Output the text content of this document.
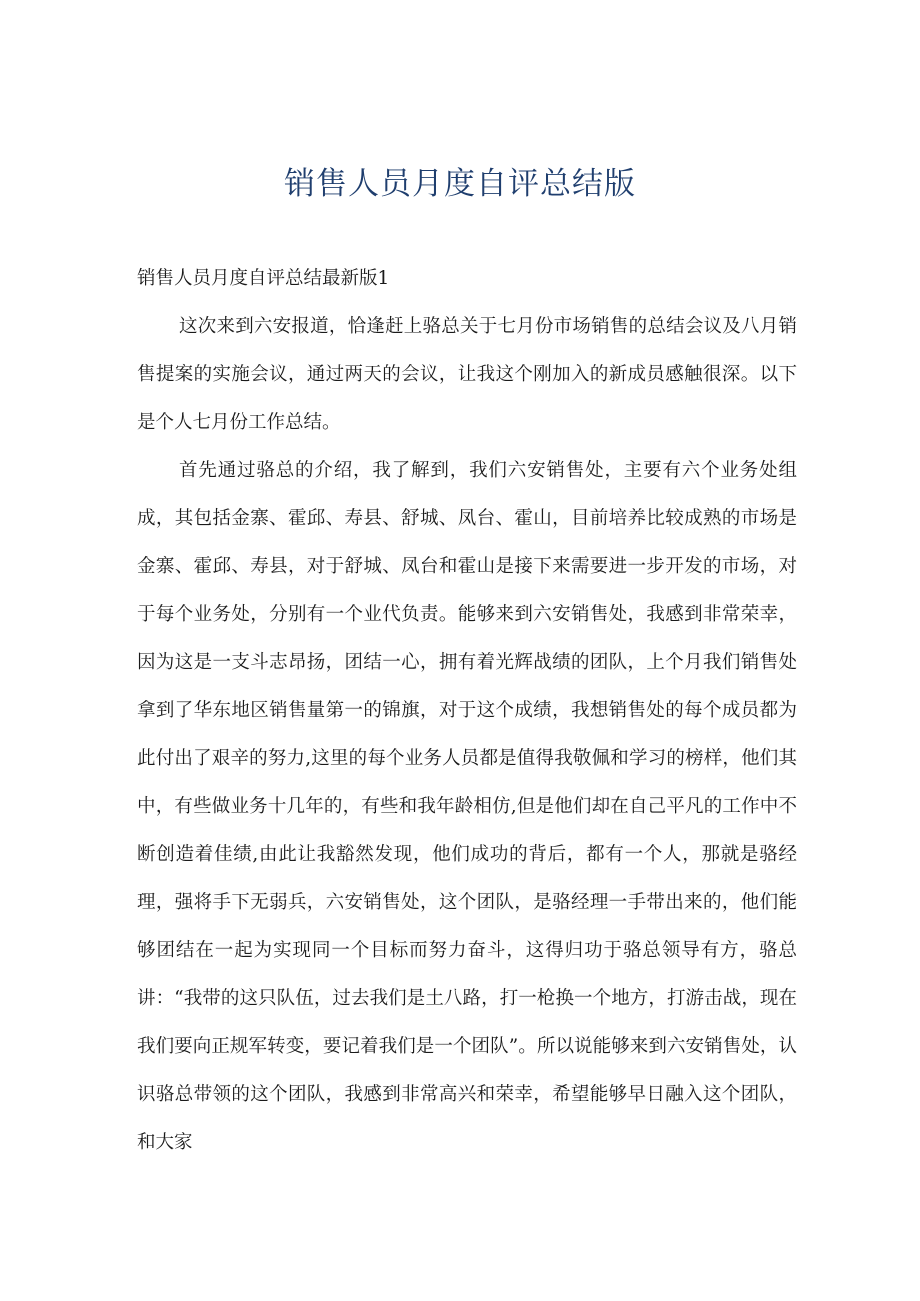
销售人员月度自评总结版

销售人员月度自评总结最新版1

这次来到六安报道，恰逢赶上骆总关于七月份市场销售的总结会议及八月销售提案的实施会议，通过两天的会议，让我这个刚加入的新成员感触很深。以下是个人七月份工作总结。

首先通过骆总的介绍，我了解到，我们六安销售处，主要有六个业务处组成，其包括金寨、霍邱、寿县、舒城、凤台、霍山，目前培养比较成熟的市场是金寨、霍邱、寿县，对于舒城、凤台和霍山是接下来需要进一步开发的市场，对于每个业务处，分别有一个业代负责。能够来到六安销售处，我感到非常荣幸，因为这是一支斗志昂扬，团结一心，拥有着光辉战绩的团队，上个月我们销售处拿到了华东地区销售量第一的锦旗，对于这个成绩，我想销售处的每个成员都为此付出了艰辛的努力,这里的每个业务人员都是值得我敬佩和学习的榜样，他们其中，有些做业务十几年的，有些和我年龄相仿,但是他们却在自己平凡的工作中不断创造着佳绩,由此让我豁然发现，他们成功的背后，都有一个人，那就是骆经理，强将手下无弱兵，六安销售处，这个团队，是骆经理一手带出来的，他们能够团结在一起为实现同一个目标而努力奋斗，这得归功于骆总领导有方，骆总讲：“我带的这只队伍，过去我们是土八路，打一枪换一个地方，打游击战，现在我们要向正规军转变，要记着我们是一个团队”。所以说能够来到六安销售处，认识骆总带领的这个团队，我感到非常高兴和荣幸，希望能够早日融入这个团队，和大家
